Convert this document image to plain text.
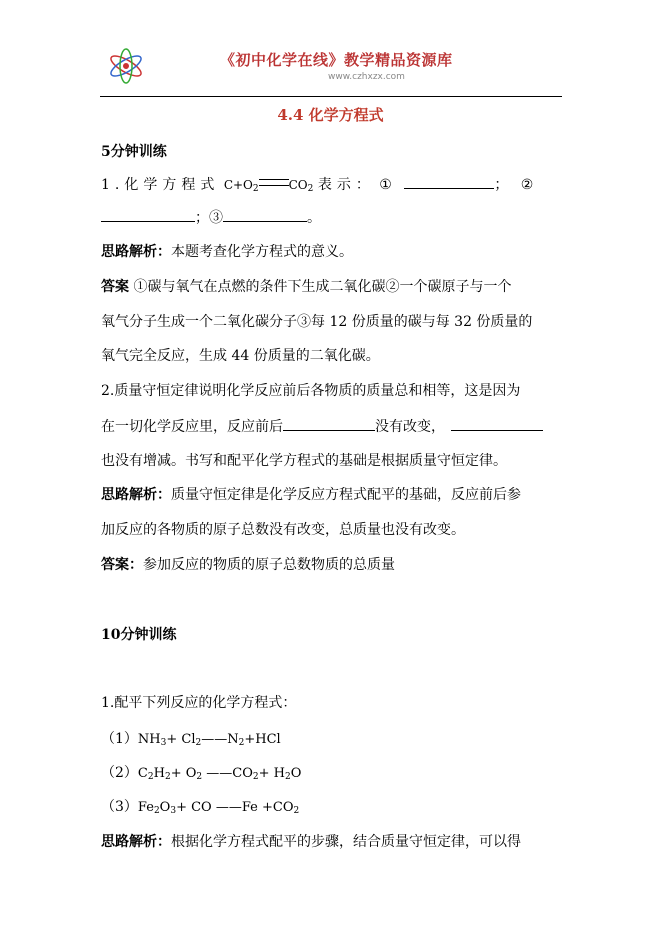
《初中化学在线》教学精品资源库
www.czhxzx.com
4.4 化学方程式
5分钟训练
1.化学方程式 $C+O_2$	$CO_2$ 表示： ①	； ②
；③	。
思路解析：本题考查化学方程式的意义。
答案 ①碳与氧气在点燃的条件下生成二氧化碳②一个碳原子与一个
氧气分子生成一个二氧化碳分子③每 12 份质量的碳与每 32 份质量的
氧气完全反应，生成 44 份质量的二氧化碳。
2.质量守恒定律说明化学反应前后各物质的质量总和相等，这是因为
在一切化学反应里，反应前后	没有改变，
也没有增减。书写和配平化学方程式的基础是根据质量守恒定律。
思路解析：质量守恒定律是化学反应方程式配平的基础，反应前后参
加反应的各物质的原子总数没有改变，总质量也没有改变。
答案：参加反应的物质的原子总数物质的总质量
10分钟训练
1.配平下列反应的化学方程式：
$(1)NH_3+$ $Cl_2——N_2+HCl$
$(2)C_2H_2+ O_2$ $——CO_2+ H_2O$
$(3)Fe_2O_3+$ CO ——Fe $+CO_2$
思路解析：根据化学方程式配平的步骤，结合质量守恒定律，可以得
